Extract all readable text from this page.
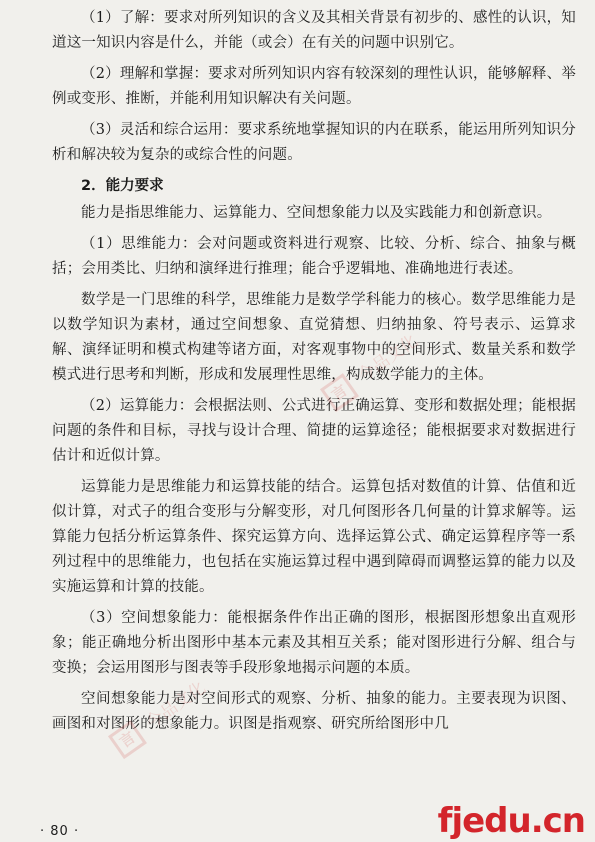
（1）了解：要求对所列知识的含义及其相关背景有初步的、感性的认识，知道这一知识内容是什么，并能（或会）在有关的问题中识别它。

（2）理解和掌握：要求对所列知识内容有较深刻的理性认识，能够解释、举例或变形、推断，并能利用知识解决有关问题。

（3）灵活和综合运用：要求系统地掌握知识的内在联系，能运用所列知识分析和解决较为复杂的或综合性的问题。

2．能力要求

能力是指思维能力、运算能力、空间想象能力以及实践能力和创新意识。

（1）思维能力：会对问题或资料进行观察、比较、分析、综合、抽象与概括；会用类比、归纳和演绎进行推理；能合乎逻辑地、准确地进行表述。

数学是一门思维的科学，思维能力是数学学科能力的核心。数学思维能力是以数学知识为素材，通过空间想象、直觉猜想、归纳抽象、符号表示、运算求解、演绎证明和模式构建等诸方面，对客观事物中的空间形式、数量关系和数学模式进行思考和判断，形成和发展理性思维，构成数学能力的主体。

（2）运算能力：会根据法则、公式进行正确运算、变形和数据处理；能根据问题的条件和目标，寻找与设计合理、简捷的运算途径；能根据要求对数据进行估计和近似计算。

运算能力是思维能力和运算技能的结合。运算包括对数值的计算、估值和近似计算，对式子的组合变形与分解变形，对几何图形各几何量的计算求解等。运算能力包括分析运算条件、探究运算方向、选择运算公式、确定运算程序等一系列过程中的思维能力，也包括在实施运算过程中遇到障碍而调整运算的能力以及实施运算和计算的技能。

（3）空间想象能力：能根据条件作出正确的图形，根据图形想象出直观形象；能正确地分析出图形中基本元素及其相互关系；能对图形进行分解、组合与变换；会运用图形与图表等手段形象地揭示问题的本质。

空间想象能力是对空间形式的观察、分析、抽象的能力。主要表现为识图、画图和对图形的想象能力。识图是指观察、研究所给图形中几

言 今品文化
言 今品文化
· 80 ·	fjedu.cn
